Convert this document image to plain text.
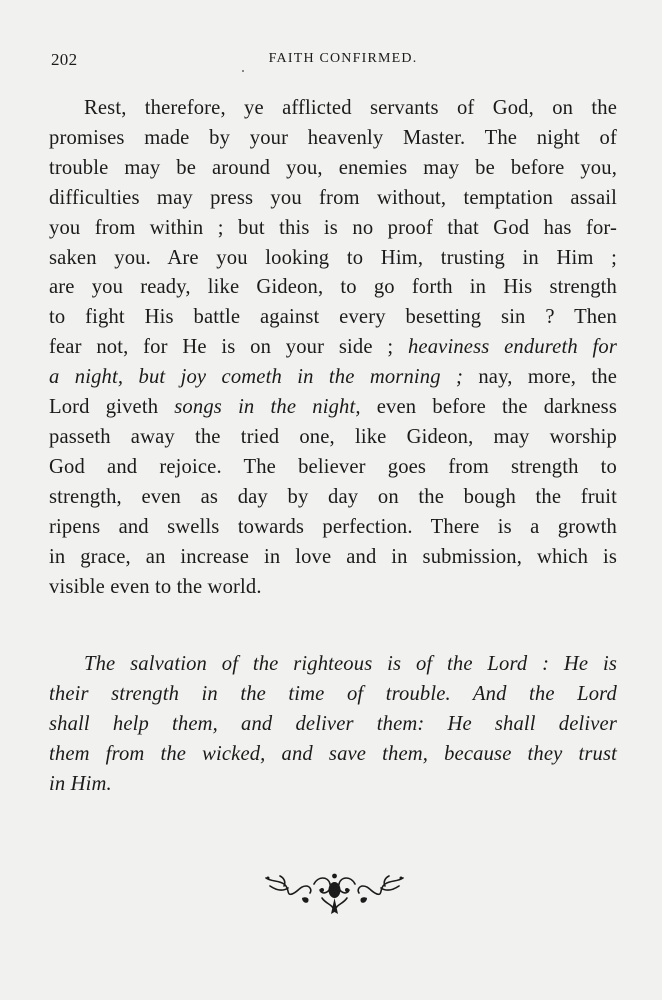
202	FAITH CONFIRMED.
Rest, therefore, ye afflicted servants of God, on the
promises made by your heavenly Master. The night of
trouble may be around you, enemies may be before you,
difficulties may press you from without, temptation assail
you from within ; but this is no proof that God has for-
saken you. Are you looking to Him, trusting in Him ;
are you ready, like Gideon, to go forth in His strength
to fight His battle against every besetting sin ? Then
fear not, for He is on your side ; heaviness endureth for
a night, but joy cometh in the morning ; nay, more, the
Lord giveth songs in the night, even before the darkness
passeth away the tried one, like Gideon, may worship
God and rejoice. The believer goes from strength to
strength, even as day by day on the bough the fruit
ripens and swells towards perfection. There is a growth
in grace, an increase in love and in submission, which is
visible even to the world.
The salvation of the righteous is of the Lord : He is
their strength in the time of trouble. And the Lord
shall help them, and deliver them: He shall deliver
them from the wicked, and save them, because they trust
in Him.
